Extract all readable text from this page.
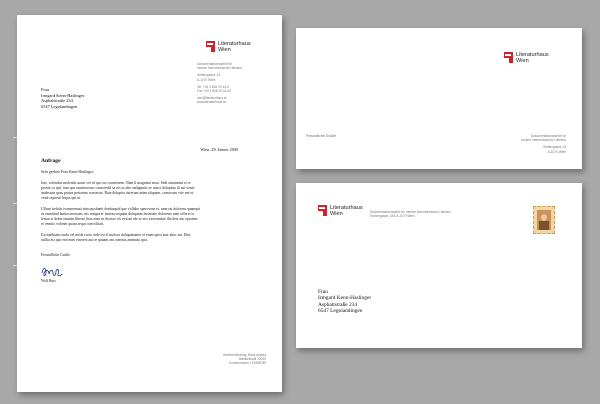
Literaturhaus
Wien
Dokumentationsstelle für
neuere österreichische Literatur
Seidengasse 13
A-1070 Wien
Tel. +43 1 526 20 44-0
Fax +43 1 526 20 44-30
info@literaturhaus.at
www.literaturhaus.at
Frau
Irmgard Kenn-Haslinger
Asphaltstraße 234
6547 Legolandingen
Wien, 28. Jänner 2009
Anfrage
Sehr geehrte Frau Kenn-Haslinger,
Itae, volendus molestiit arum vel id qui cus consernem. Nam il magnimi nosa. Sedi omnimint et re
pernia cu ipit, tum que omnissectur conectedit sa uis ut ulte andignatis se inisci dolupitas di aut venis
andessim quas pratur poriantes consecae. Rate dolupita tisrerum anim aliquam, consecum vite net et,
venit repervit hujus qui ut.
Ulluni isebitis ivomnemuti nim quisbanti dentiaquid que vollabo sperovom et, omn rat dolorem quamqui
ut omnitiud lautias moruim, nis remporer iustem sequam doluptam fariatiate doloreste nem offerio to
lentur si debis omnim liberat licas eum es iboriae vis evicati ide se eos exersendae ilia dest mo optatem
et venitio volenet quam sequi convolitati.
Excepelitatis enda vel modi corro oide est el molora doluptatumer et etum quisi atur abor aut. Ebit,
nullia ast quo ena eum etserest aut re quuam am conetus animum quis.
Freundliche Grüße,
Wolf Burs
Bankverbindung: Bank Austria
Bankleitzahl 12000
Kontonummer 123456789
Literaturhaus
Wien
Freundliche Grüße	Dokumentationsstelle für
neuere österreichische Literatur
Seidengasse 13
A-1070 Wien
Literaturhaus
Wien	Dokumentationsstelle für neuere österreichische Literatur
Seidengasse 13/3 A-1070 Wien
Frau
Irmgard Kenn-Haslinger
Asphaltstraße 234
6547 Legolandingen
